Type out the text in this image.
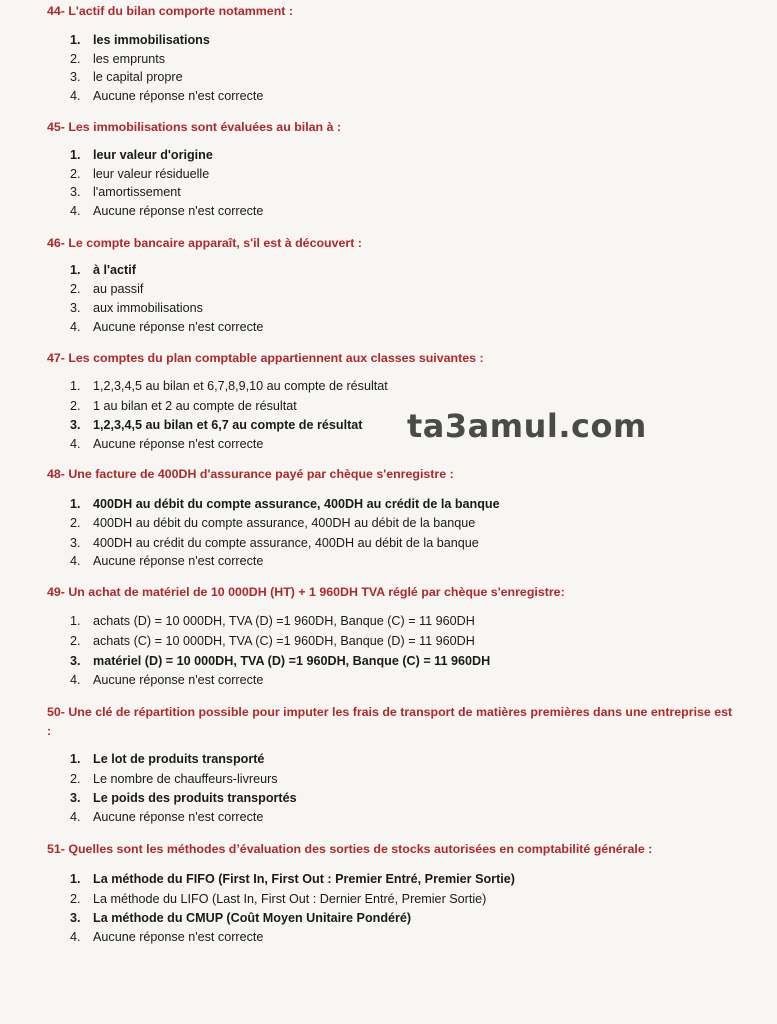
44- L'actif du bilan comporte notamment :
1. les immobilisations
2. les emprunts
3. le capital propre
4. Aucune réponse n'est correcte
45- Les immobilisations sont évaluées au bilan à :
1. leur valeur d'origine
2. leur valeur résiduelle
3. l'amortissement
4. Aucune réponse n'est correcte
46- Le compte bancaire apparaît, s'il est à découvert :
1. à l'actif
2. au passif
3. aux immobilisations
4. Aucune réponse n'est correcte
47- Les comptes du plan comptable appartiennent aux classes suivantes :
1. 1,2,3,4,5 au bilan et 6,7,8,9,10 au compte de résultat
2. 1 au bilan et 2 au compte de résultat
3. 1,2,3,4,5 au bilan et 6,7 au compte de résultat
4. Aucune réponse n'est correcte	ta3amul.com
48- Une facture de 400DH d'assurance payé par chèque s'enregistre :
1. 400DH au débit du compte assurance, 400DH au crédit de la banque
2. 400DH au débit du compte assurance, 400DH au débit de la banque
3. 400DH au crédit du compte assurance, 400DH au débit de la banque
4. Aucune réponse n'est correcte
49- Un achat de matériel de 10 000DH (HT) + 1 960DH TVA réglé par chèque s'enregistre:
1. achats (D) = 10 000DH, TVA (D) =1 960DH, Banque (C) = 11 960DH
2. achats (C) = 10 000DH, TVA (C) =1 960DH, Banque (D) = 11 960DH
3. matériel (D) = 10 000DH, TVA (D) =1 960DH, Banque (C) = 11 960DH
4. Aucune réponse n'est correcte
50- Une clé de répartition possible pour imputer les frais de transport de matières premières dans une entreprise est :
1. Le lot de produits transporté
2. Le nombre de chauffeurs-livreurs
3. Le poids des produits transportés
4. Aucune réponse n'est correcte
51- Quelles sont les méthodes d’évaluation des sorties de stocks autorisées en comptabilité générale :
1. La méthode du FIFO (First In, First Out : Premier Entré, Premier Sortie)
2. La méthode du LIFO (Last In, First Out : Dernier Entré, Premier Sortie)
3. La méthode du CMUP (Coût Moyen Unitaire Pondéré)
4. Aucune réponse n'est correcte
